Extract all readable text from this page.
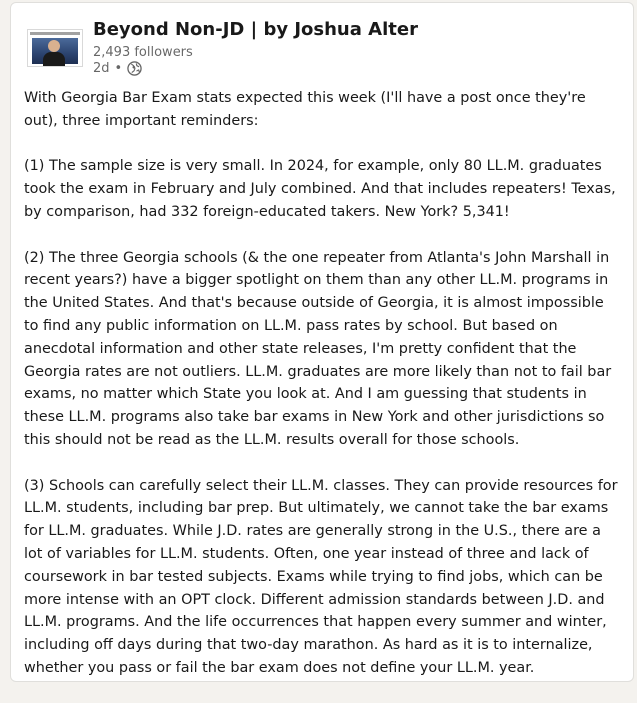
Beyond Non-JD | by Joshua Alter
2,493 followers
2d •

With Georgia Bar Exam stats expected this week (I'll have a post once they're out), three important reminders:

(1) The sample size is very small. In 2024, for example, only 80 LL.M. graduates took the exam in February and July combined. And that includes repeaters! Texas, by comparison, had 332 foreign-educated takers. New York? 5,341!

(2) The three Georgia schools (& the one repeater from Atlanta's John Marshall in recent years?) have a bigger spotlight on them than any other LL.M. programs in the United States. And that's because outside of Georgia, it is almost impossible to find any public information on LL.M. pass rates by school. But based on anecdotal information and other state releases, I'm pretty confident that the Georgia rates are not outliers. LL.M. graduates are more likely than not to fail bar exams, no matter which State you look at. And I am guessing that students in these LL.M. programs also take bar exams in New York and other jurisdictions so this should not be read as the LL.M. results overall for those schools.

(3) Schools can carefully select their LL.M. classes. They can provide resources for LL.M. students, including bar prep. But ultimately, we cannot take the bar exams for LL.M. graduates. While J.D. rates are generally strong in the U.S., there are a lot of variables for LL.M. students. Often, one year instead of three and lack of coursework in bar tested subjects. Exams while trying to find jobs, which can be more intense with an OPT clock. Different admission standards between J.D. and LL.M. programs. And the life occurrences that happen every summer and winter, including off days during that two-day marathon. As hard as it is to internalize, whether you pass or fail the bar exam does not define your LL.M. year.
